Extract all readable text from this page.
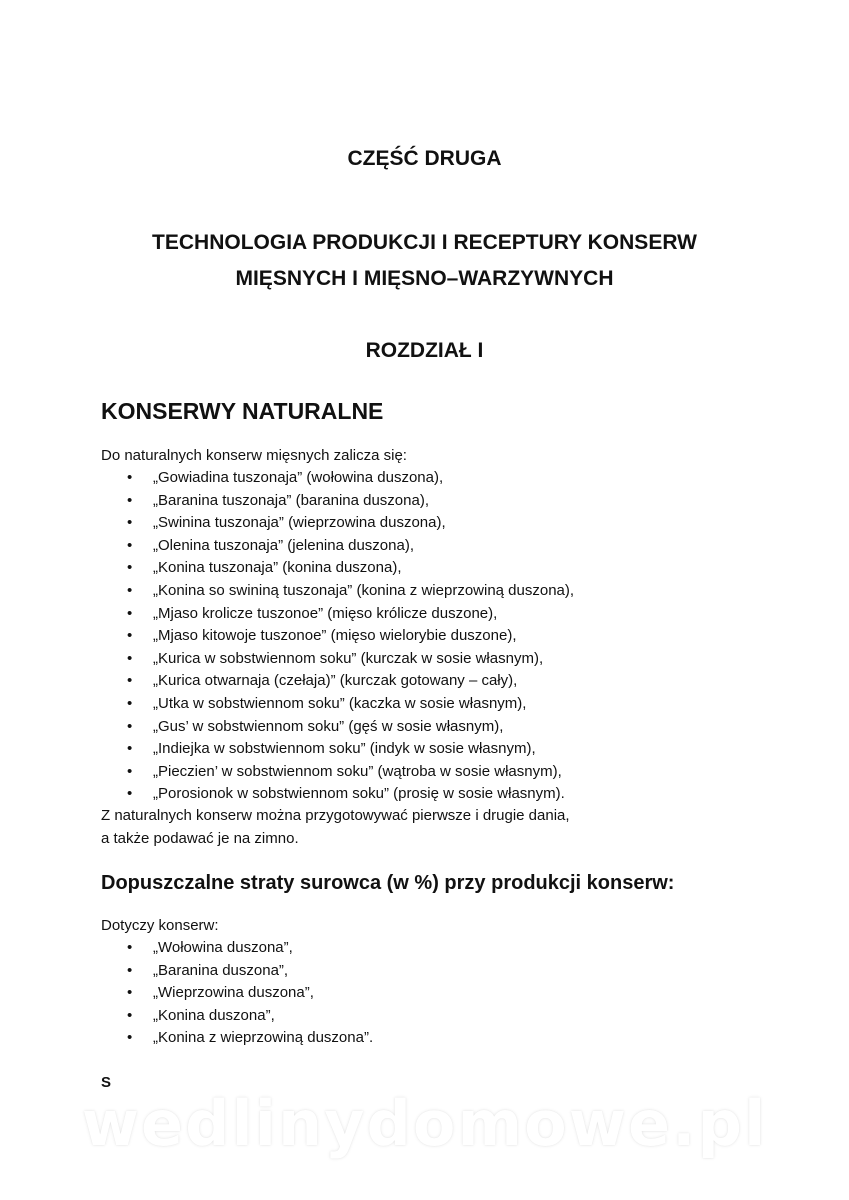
CZĘŚĆ DRUGA
TECHNOLOGIA PRODUKCJI I RECEPTURY KONSERW
MIĘSNYCH I MIĘSNO–WARZYWNYCH
ROZDZIAŁ I
KONSERWY NATURALNE

Do naturalnych konserw mięsnych zalicza się:

• „Gowiadina tuszonaja” (wołowina duszona),
• „Baranina tuszonaja” (baranina duszona),
• „Swinina tuszonaja” (wieprzowina duszona),
• „Olenina tuszonaja” (jelenina duszona),
• „Konina tuszonaja” (konina duszona),
• „Konina so swininą tuszonaja” (konina z wieprzowiną duszona),
• „Mjaso krolicze tuszonoe” (mięso królicze duszone),
• „Mjaso kitowoje tuszonoe” (mięso wielorybie duszone),
• „Kurica w sobstwiennom soku” (kurczak w sosie własnym),
• „Kurica otwarnaja (czełaja)” (kurczak gotowany – cały),
• „Utka w sobstwiennom soku” (kaczka w sosie własnym),
• „Gus’ w sobstwiennom soku” (gęś w sosie własnym),
• „Indiejka w sobstwiennom soku” (indyk w sosie własnym),
• „Pieczien’ w sobstwiennom soku” (wątroba w sosie własnym),
• „Porosionok w sobstwiennom soku” (prosię w sosie własnym).

Z naturalnych konserw można przygotowywać pierwsze i drugie dania,
a także podawać je na zimno.

Dopuszczalne straty surowca (w %) przy produkcji konserw:

Dotyczy konserw:

• „Wołowina duszona”,
• „Baranina duszona”,
• „Wieprzowina duszona”,
• „Konina duszona”,
• „Konina z wieprzowiną duszona”.

S

wedlinydomowe.pl
